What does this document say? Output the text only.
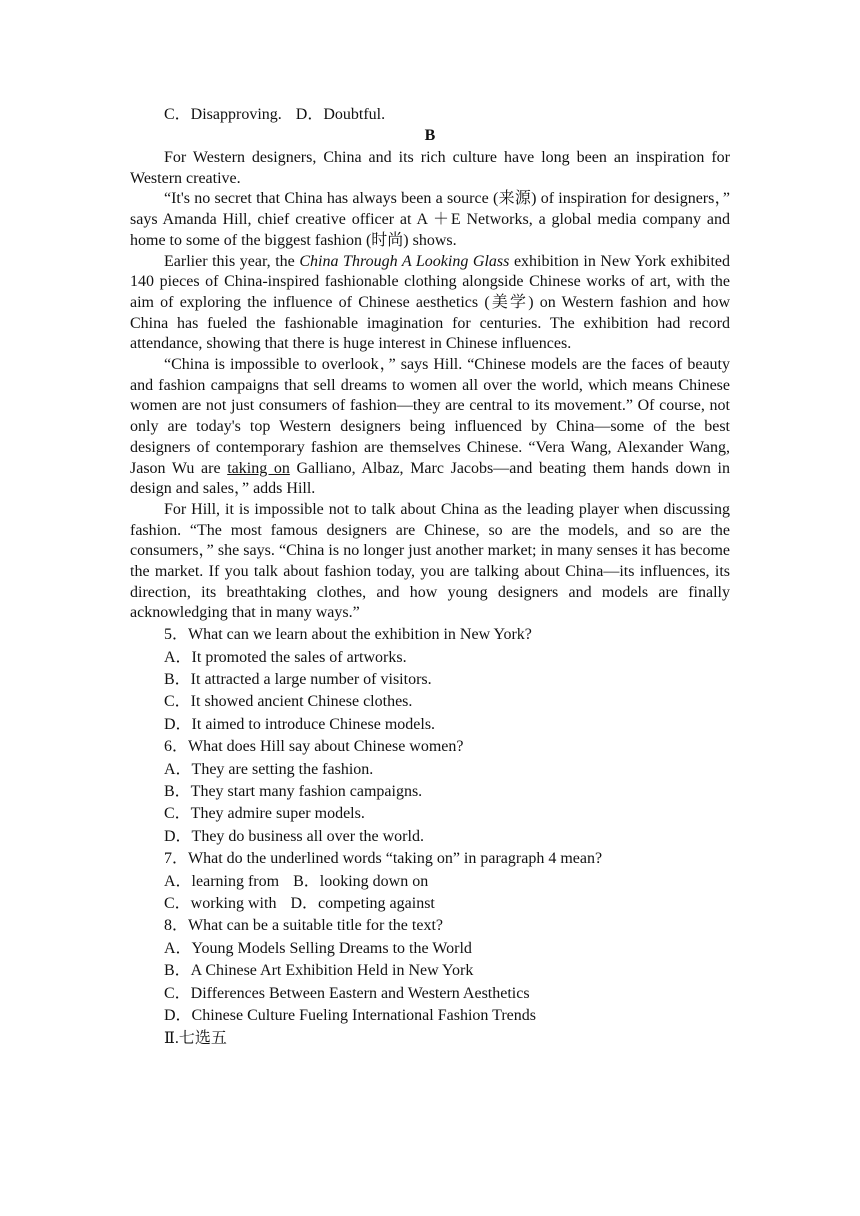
C．Disapproving. D．Doubtful.
B

For Western designers, China and its rich culture have long been an inspiration for Western creative.

“It's no secret that China has always been a source (来源) of inspiration for designers，” says Amanda Hill, chief creative officer at A ＋E Networks, a global media company and home to some of the biggest fashion (时尚) shows.

Earlier this year, the China Through A Looking Glass exhibition in New York exhibited 140 pieces of China-inspired fashionable clothing alongside Chinese works of art, with the aim of exploring the influence of Chinese aesthetics (美学) on Western fashion and how China has fueled the fashionable imagination for centuries. The exhibition had record attendance, showing that there is huge interest in Chinese influences.

“China is impossible to overlook，” says Hill. “Chinese models are the faces of beauty and fashion campaigns that sell dreams to women all over the world, which means Chinese women are not just consumers of fashion—they are central to its movement.” Of course, not only are today's top Western designers being influenced by China—some of the best designers of contemporary fashion are themselves Chinese. “Vera Wang, Alexander Wang, Jason Wu are taking on Galliano, Albaz, Marc Jacobs—and beating them hands down in design and sales，” adds Hill.

For Hill, it is impossible not to talk about China as the leading player when discussing fashion. “The most famous designers are Chinese, so are the models, and so are the consumers，” she says. “China is no longer just another market; in many senses it has become the market. If you talk about fashion today, you are talking about China—its influences, its direction, its breathtaking clothes, and how young designers and models are finally acknowledging that in many ways.”

5．What can we learn about the exhibition in New York?
A．It promoted the sales of artworks.
B．It attracted a large number of visitors.
C．It showed ancient Chinese clothes.
D．It aimed to introduce Chinese models.
6．What does Hill say about Chinese women?
A．They are setting the fashion.
B．They start many fashion campaigns.
C．They admire super models.
D．They do business all over the world.
7．What do the underlined words “taking on” in paragraph 4 mean?
A．learning from B．looking down on
C．working with D．competing against
8．What can be a suitable title for the text?
A．Young Models Selling Dreams to the World
B．A Chinese Art Exhibition Held in New York
C．Differences Between Eastern and Western Aesthetics
D．Chinese Culture Fueling International Fashion Trends
Ⅱ.七选五
